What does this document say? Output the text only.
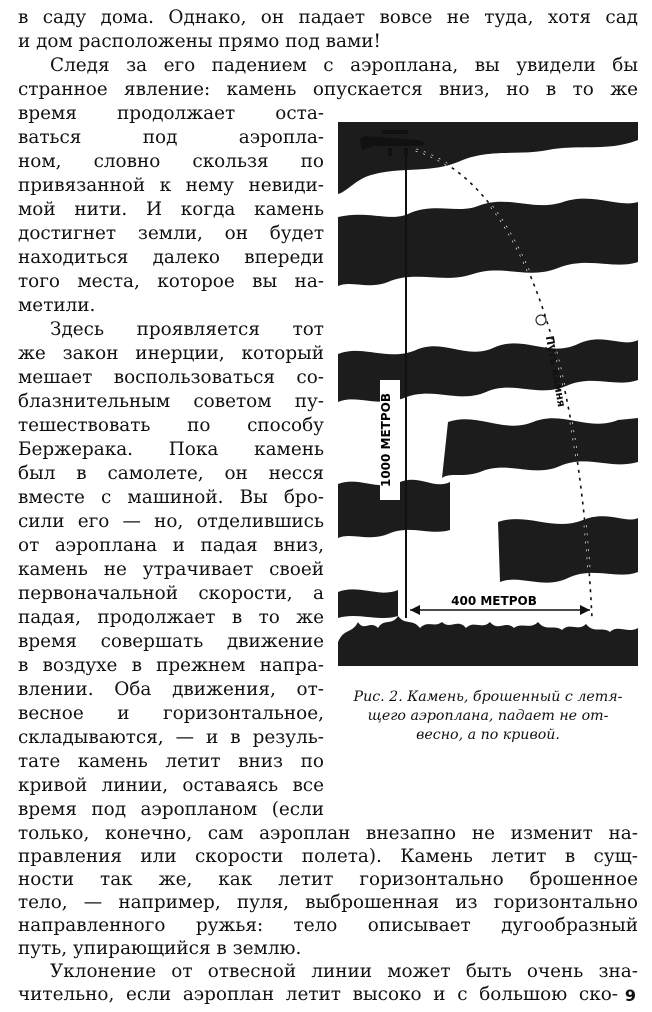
в саду дома. Однако, он падает вовсе не туда, хотя сад
и дом расположены прямо под вами!
Следя за его падением с аэроплана, вы увидели бы
странное явление: камень опускается вниз, но в то же
время продолжает оста-
ваться под аэропла-
ном, словно скользя по
привязанной к нему невиди-
мой нити. И когда камень
достигнет земли, он будет
находиться далеко впереди
того места, которое вы на-
метили.
Здесь проявляется тот
же закон инерции, который
мешает воспользоваться со-
блазнительным советом пу-
тешествовать по способу
Бержерака. Пока камень
был в самолете, он несся
вместе с машиной. Вы бро-
сили его — но, отделившись
от аэроплана и падая вниз,
камень не утрачивает своей
первоначальной скорости, а
падая, продолжает в то же
время совершать движение
в воздухе в прежнем напра-
влении. Оба движения, от-
весное и горизонтальное,
складываются, — и в резуль-
тате камень летит вниз по
кривой линии, оставаясь все
время под аэропланом (если
только, конечно, сам аэроплан внезапно не изменит на-
правления или скорости полета). Камень летит в сущ-
ности так же, как летит горизонтально брошенное
тело, — например, пуля, выброшенная из горизонтально
направленного ружья: тело описывает дугообразный
путь, упирающийся в землю.
Уклонение от отвесной линии может быть очень зна-
чительно, если аэроплан летит высоко и с большою ско-
1000 МЕТРОВ
400 МЕТРОВ
Путь камня
Рис. 2. Камень, брошенный с летя-
щего аэроплана, падает не от-
весно, а по кривой.
9
